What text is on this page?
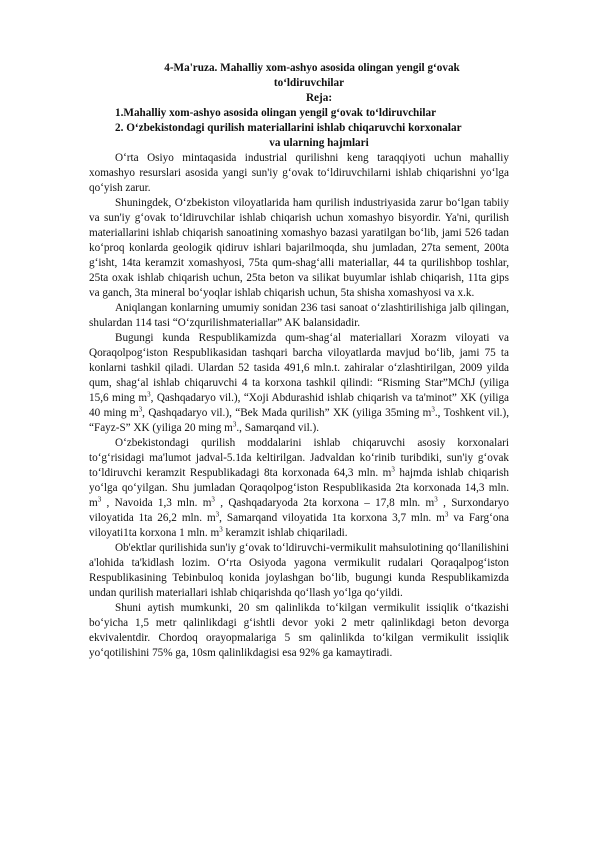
4-Ma'ruza. Mahalliy xom-ashyo asosida olingan yengil g‘ovak
to‘ldiruvchilar
Reja:
1.Mahalliy xom-ashyo asosida olingan yengil g‘ovak to‘ldiruvchilar
2. O‘zbekistondagi qurilish materiallarini ishlab chiqaruvchi korxonalar
va ularning hajmlari

O‘rta Osiyo mintaqasida industrial qurilishni keng taraqqiyoti uchun mahalliy xomashyo resurslari asosida yangi sun'iy g‘ovak to‘ldiruvchilarni ishlab chiqarishni yo‘lga qo‘yish zarur.

Shuningdek, O‘zbekiston viloyatlarida ham qurilish industriyasida zarur bo‘lgan tabiiy va sun'iy g‘ovak to‘ldiruvchilar ishlab chiqarish uchun xomashyo bisyordir. Ya'ni, qurilish materiallarini ishlab chiqarish sanoatining xomashyo bazasi yaratilgan bo‘lib, jami 526 tadan ko‘proq konlarda geologik qidiruv ishlari bajarilmoqda, shu jumladan, 27ta sement, 200ta g‘isht, 14ta keramzit xomashyosi, 75ta qum-shag‘alli materiallar, 44 ta qurilishbop toshlar, 25ta oxak ishlab chiqarish uchun, 25ta beton va silikat buyumlar ishlab chiqarish, 11ta gips va ganch, 3ta mineral bo‘yoqlar ishlab chiqarish uchun, 5ta shisha xomashyosi va x.k.

Aniqlangan konlarning umumiy sonidan 236 tasi sanoat o‘zlashtirilishiga jalb qilingan, shulardan 114 tasi “O‘zqurilishmateriallar” AK balansidadir.

Bugungi kunda Respublikamizda qum-shag‘al materiallari Xorazm viloyati va Qoraqolpog‘iston Respublikasidan tashqari barcha viloyatlarda mavjud bo‘lib, jami 75 ta konlarni tashkil qiladi. Ulardan 52 tasida 491,6 mln.t. zahiralar o‘zlashtirilgan, 2009 yilda qum, shag‘al ishlab chiqaruvchi 4 ta korxona tashkil qilindi: “Risming Star”MChJ (yiliga 15,6 ming $m^3$, Qashqadaryo vil.), “Xoji Abdurashid ishlab chiqarish va ta'minot” XK (yiliga 40 ming $m^3$, Qashqadaryo vil.), “Bek Mada qurilish” XK (yiliga 35ming $m^3$., Toshkent vil.), “Fayz-S” XK (yiliga 20 ming $m^3$., Samarqand vil.).

O‘zbekistondagi qurilish moddalarini ishlab chiqaruvchi asosiy korxonalari to‘g‘risidagi ma'lumot jadval-5.1da keltirilgan. Jadvaldan ko‘rinib turibdiki, sun'iy g‘ovak to‘ldiruvchi keramzit Respublikadagi 8ta korxonada 64,3 mln. $m^3$ hajmda ishlab chiqarish yo‘lga qo‘yilgan. Shu jumladan Qoraqolpog‘iston Respublikasida 2ta korxonada 14,3 mln. $m^3$ , Navoida 1,3 mln. $m^3$ , Qashqadaryoda 2ta korxona – 17,8 mln. $m^3$ , Surxondaryo viloyatida 1ta 26,2 mln. $m^3$, Samarqand viloyatida 1ta korxona 3,7 mln. $m^3$ va Farg‘ona viloyati1ta korxona 1 mln. $m^3$ keramzit ishlab chiqariladi.

Ob'ektlar qurilishida sun'iy g‘ovak to‘ldiruvchi-vermikulit mahsulotining qo‘llanilishini a'lohida ta'kidlash lozim. O‘rta Osiyoda yagona vermikulit rudalari Qoraqalpog‘iston Respublikasining Tebinbuloq konida joylashgan bo‘lib, bugungi kunda Respublikamizda undan qurilish materiallari ishlab chiqarishda qo‘llash yo‘lga qo‘yildi.

Shuni aytish mumkunki, 20 sm qalinlikda to‘kilgan vermikulit issiqlik o‘tkazishi bo‘yicha 1,5 metr qalinlikdagi g‘ishtli devor yoki 2 metr qalinlikdagi beton devorga ekvivalentdir. Chordoq orayopmalariga 5 sm qalinlikda to‘kilgan vermikulit issiqlik yo‘qotilishini 75% ga, 10sm qalinlikdagisi esa 92% ga kamaytiradi.
